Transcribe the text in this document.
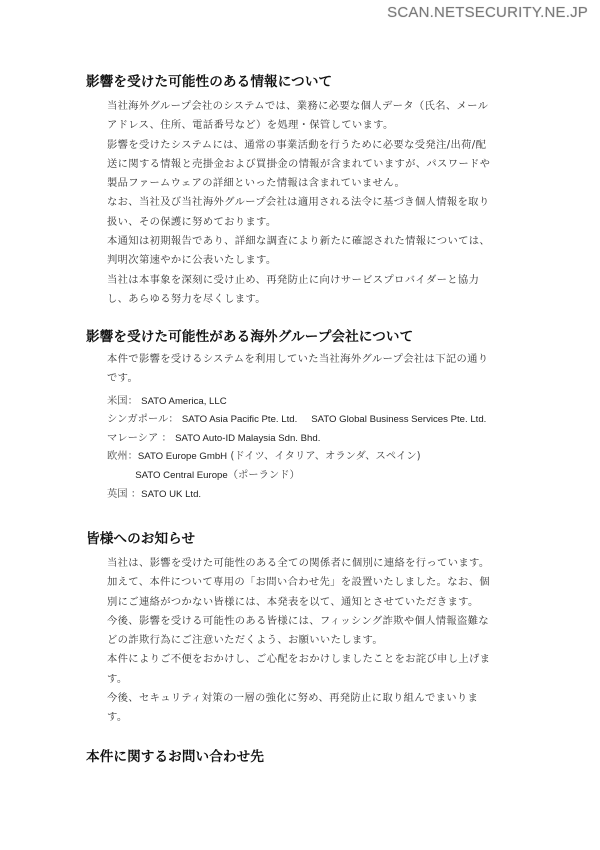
SCAN.NETSECURITY.NE.JP
影響を受けた可能性のある情報について
当社海外グループ会社のシステムでは、業務に必要な個人データ（氏名、メール
アドレス、住所、電話番号など）を処理・保管しています。
影響を受けたシステムには、通常の事業活動を行うために必要な受発注/出荷/配
送に関する情報と売掛金および買掛金の情報が含まれていますが、パスワードや
製品ファームウェアの詳細といった情報は含まれていません。
なお、当社及び当社海外グループ会社は適用される法令に基づき個人情報を取り
扱い、その保護に努めております。
本通知は初期報告であり、詳細な調査により新たに確認された情報については、
判明次第速やかに公表いたします。
当社は本事象を深刻に受け止め、再発防止に向けサービスプロバイダーと協力
し、あらゆる努力を尽くします。
影響を受けた可能性がある海外グループ会社について
本件で影響を受けるシステムを利用していた当社海外グループ会社は下記の通り
です。
米国： SATO America, LLC
シンガポール： SATO Asia Pacific Pte. Ltd. SATO Global Business Services Pte. Ltd.
マレーシア ： SATO Auto-ID Malaysia Sdn. Bhd.
欧州：SATO Europe GmbH (ドイツ、イタリア、オランダ、スペイン)
SATO Central Europe（ポーランド）
英国 ：SATO UK Ltd.
皆様へのお知らせ
当社は、影響を受けた可能性のある全ての関係者に個別に連絡を行っています。
加えて、本件について専用の「お問い合わせ先」を設置いたしました。なお、個
別にご連絡がつかない皆様には、本発表を以て、通知とさせていただきます。
今後、影響を受ける可能性のある皆様には、フィッシング詐欺や個人情報盗難な
どの詐欺行為にご注意いただくよう、お願いいたします。
本件によりご不便をおかけし、ご心配をおかけしましたことをお詫び申し上げま
す。
今後、セキュリティ対策の一層の強化に努め、再発防止に取り組んでまいりま
す。
本件に関するお問い合わせ先
